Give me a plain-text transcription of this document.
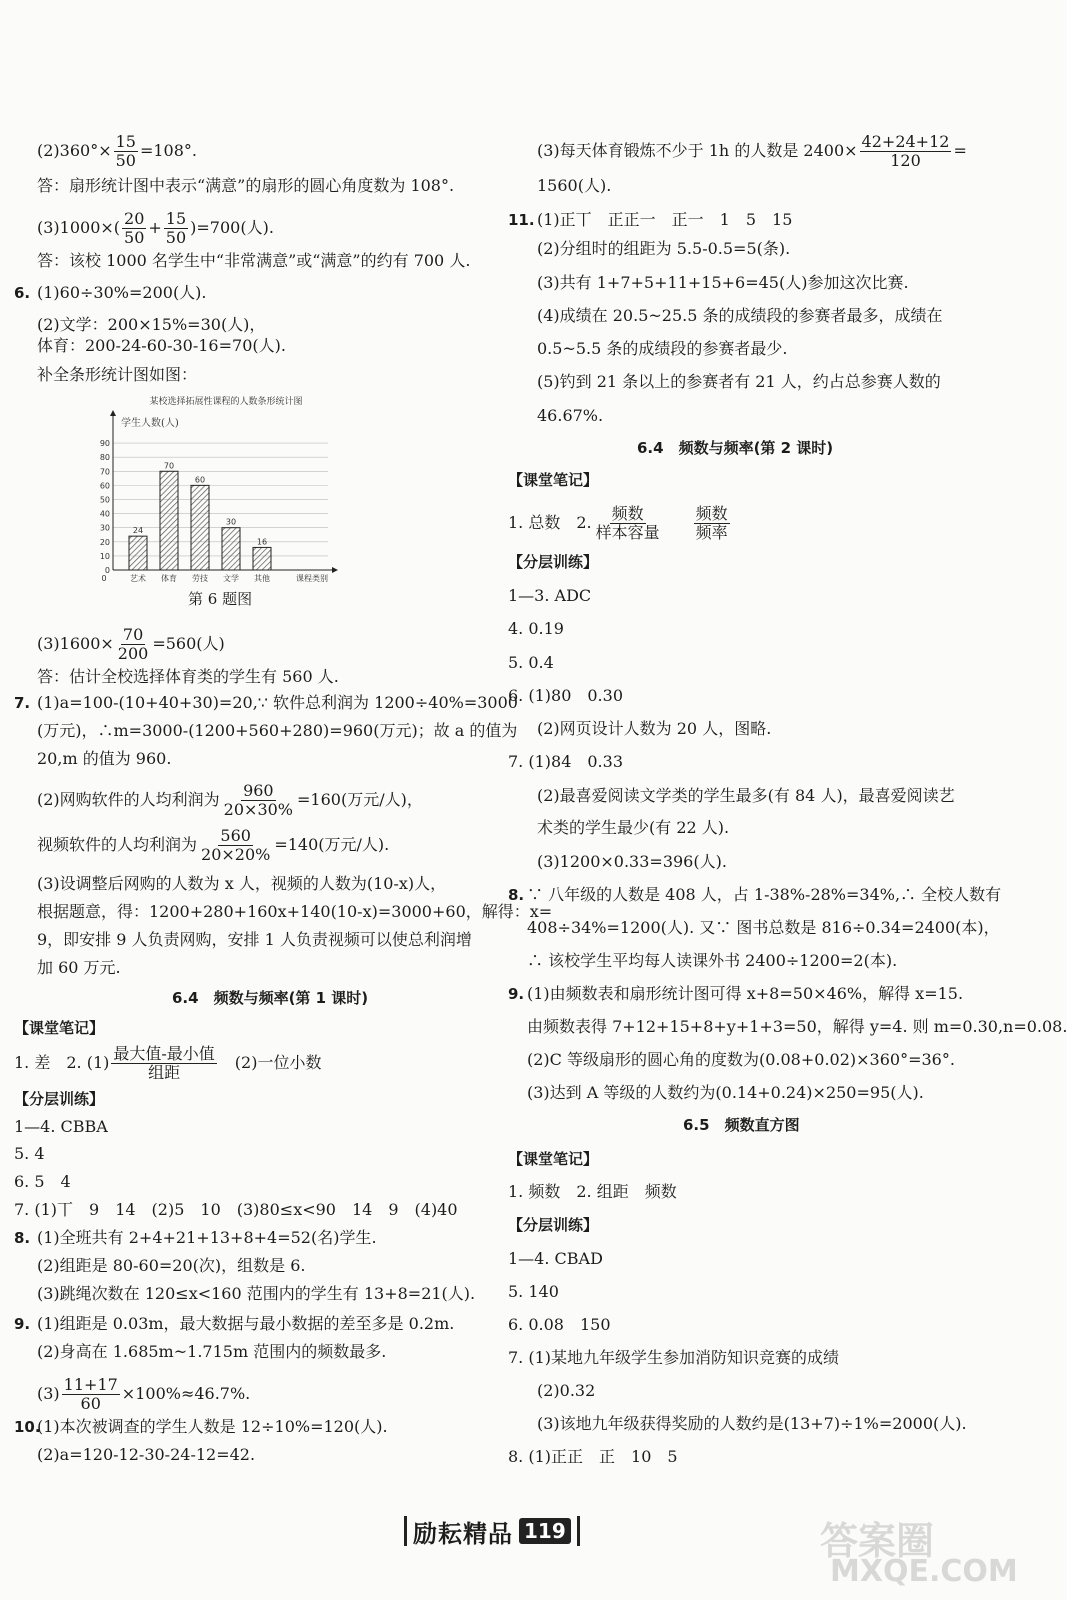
$(2)360^\circ\times \frac{15}{50} =108^\circ$.
答：扇形统计图中表示“满意”的扇形的圆心角度数为 108°.
$(3)1000\times( \frac{20}{50} + \frac{15}{50} )=700$(人).
答：该校 1000 名学生中“非常满意”或“满意”的约有 700 人.
6. (1)60÷30%=200(人).
(2)文学：200×15%=30(人)，
体育：200-24-60-30-16=70(人).
补全条形统计图如图：
某校选择拓展性课程的人数条形统计图
学生人数(人)
0
10
20
30
40
50
60
70
80
90
24
艺术
70
体育
60
劳技
30
文学
16
其他
0	课程类别
第 6 题图
$(3)1600\times \frac{70}{200} =560$(人)
答：估计全校选择体育类的学生有 560 人.
7. (1)a=100-(10+40+30)=20,∵ 软件总利润为 1200÷40%=3000
(万元)，∴m=3000-(1200+560+280)=960(万元)；故 a 的值为
20,m 的值为 960.
(2)网购软件的人均利润为 $\frac{960}{20\times 30\%} =160$(万元/人)，
视频软件的人均利润为 $\frac{560}{20\times 20\%} =140$(万元/人).
(3)设调整后网购的人数为 x 人，视频的人数为(10-x)人，
根据题意，得：1200+280+160x+140(10-x)=3000+60，解得：x=
9，即安排 9 人负责网购，安排 1 人负责视频可以使总利润增
加 60 万元.
6.4　频数与频率(第 1 课时)
【课堂笔记】
1. 差　2. $(1) \frac{\text{最大值-最小值}}{\text{组距}}$ 　(2)一位小数
【分层训练】
1—4. CBBA
5. 4
6. 5　4
7. (1)丅　9　14　(2)5　10　(3)80≤x<90　14　9　(4)40
8. (1)全班共有 2+4+21+13+8+4=52(名)学生.
(2)组距是 80-60=20(次)，组数是 6.
(3)跳绳次数在 120≤x<160 范围内的学生有 13+8=21(人).
9. (1)组距是 0.03m，最大数据与最小数据的差至多是 0.2m.
(2)身高在 1.685m~1.715m 范围内的频数最多.
$(3) \frac{11+17}{60} \times 100\%\approx 46.7\%$.
10.
(1)本次被调查的学生人数是 12÷10%=120(人).
(2)a=120-12-30-24-12=42.
(3)每天体育锻炼不少于 1h 的人数是 $2400\times \frac{42+24+12}{120}$ =
1560(人).
11. (1)正丅　正正一　正一　1　5　15
(2)分组时的组距为 5.5-0.5=5(条).
(3)共有 1+7+5+11+15+6=45(人)参加这次比赛.
(4)成绩在 20.5~25.5 条的成绩段的参赛者最多，成绩在
0.5~5.5 条的成绩段的参赛者最少.
(5)钓到 21 条以上的参赛者有 21 人，约占总参赛人数的
46.67%.
6.4　频数与频率(第 2 课时)
【课堂笔记】
1. 总数　2. $\frac{\text{频数}}{\text{样本容量}} \frac{\text{频数}}{\text{频率}}$
【分层训练】
1—3. ADC
4. 0.19
5. 0.4
6. (1)80　0.30
(2)网页设计人数为 20 人，图略.
7. (1)84　0.33
(2)最喜爱阅读文学类的学生最多(有 84 人)，最喜爱阅读艺
术类的学生最少(有 22 人).
(3)1200×0.33=396(人).
8. ∵ 八年级的人数是 408 人，占 1-38%-28%=34%,∴ 全校人数有
408÷34%=1200(人). 又∵ 图书总数是 816÷0.34=2400(本)，
∴ 该校学生平均每人读课外书 2400÷1200=2(本).
9. (1)由频数表和扇形统计图可得 x+8=50×46%，解得 x=15.
由频数表得 7+12+15+8+y+1+3=50，解得 y=4. 则 m=0.30,n=0.08.
(2)C 等级扇形的圆心角的度数为(0.08+0.02)×360°=36°.
(3)达到 A 等级的人数约为(0.14+0.24)×250=95(人).
6.5　频数直方图
【课堂笔记】
1. 频数　2. 组距　频数
【分层训练】
1—4. CBAD
5. 140
6. 0.08　150
7. (1)某地九年级学生参加消防知识竞赛的成绩
(2)0.32
(3)该地九年级获得奖励的人数约是(13+7)÷1%=2000(人).
8. (1)正正　正　10　5
励耘精品 119	答案圈
MXQE.COM
